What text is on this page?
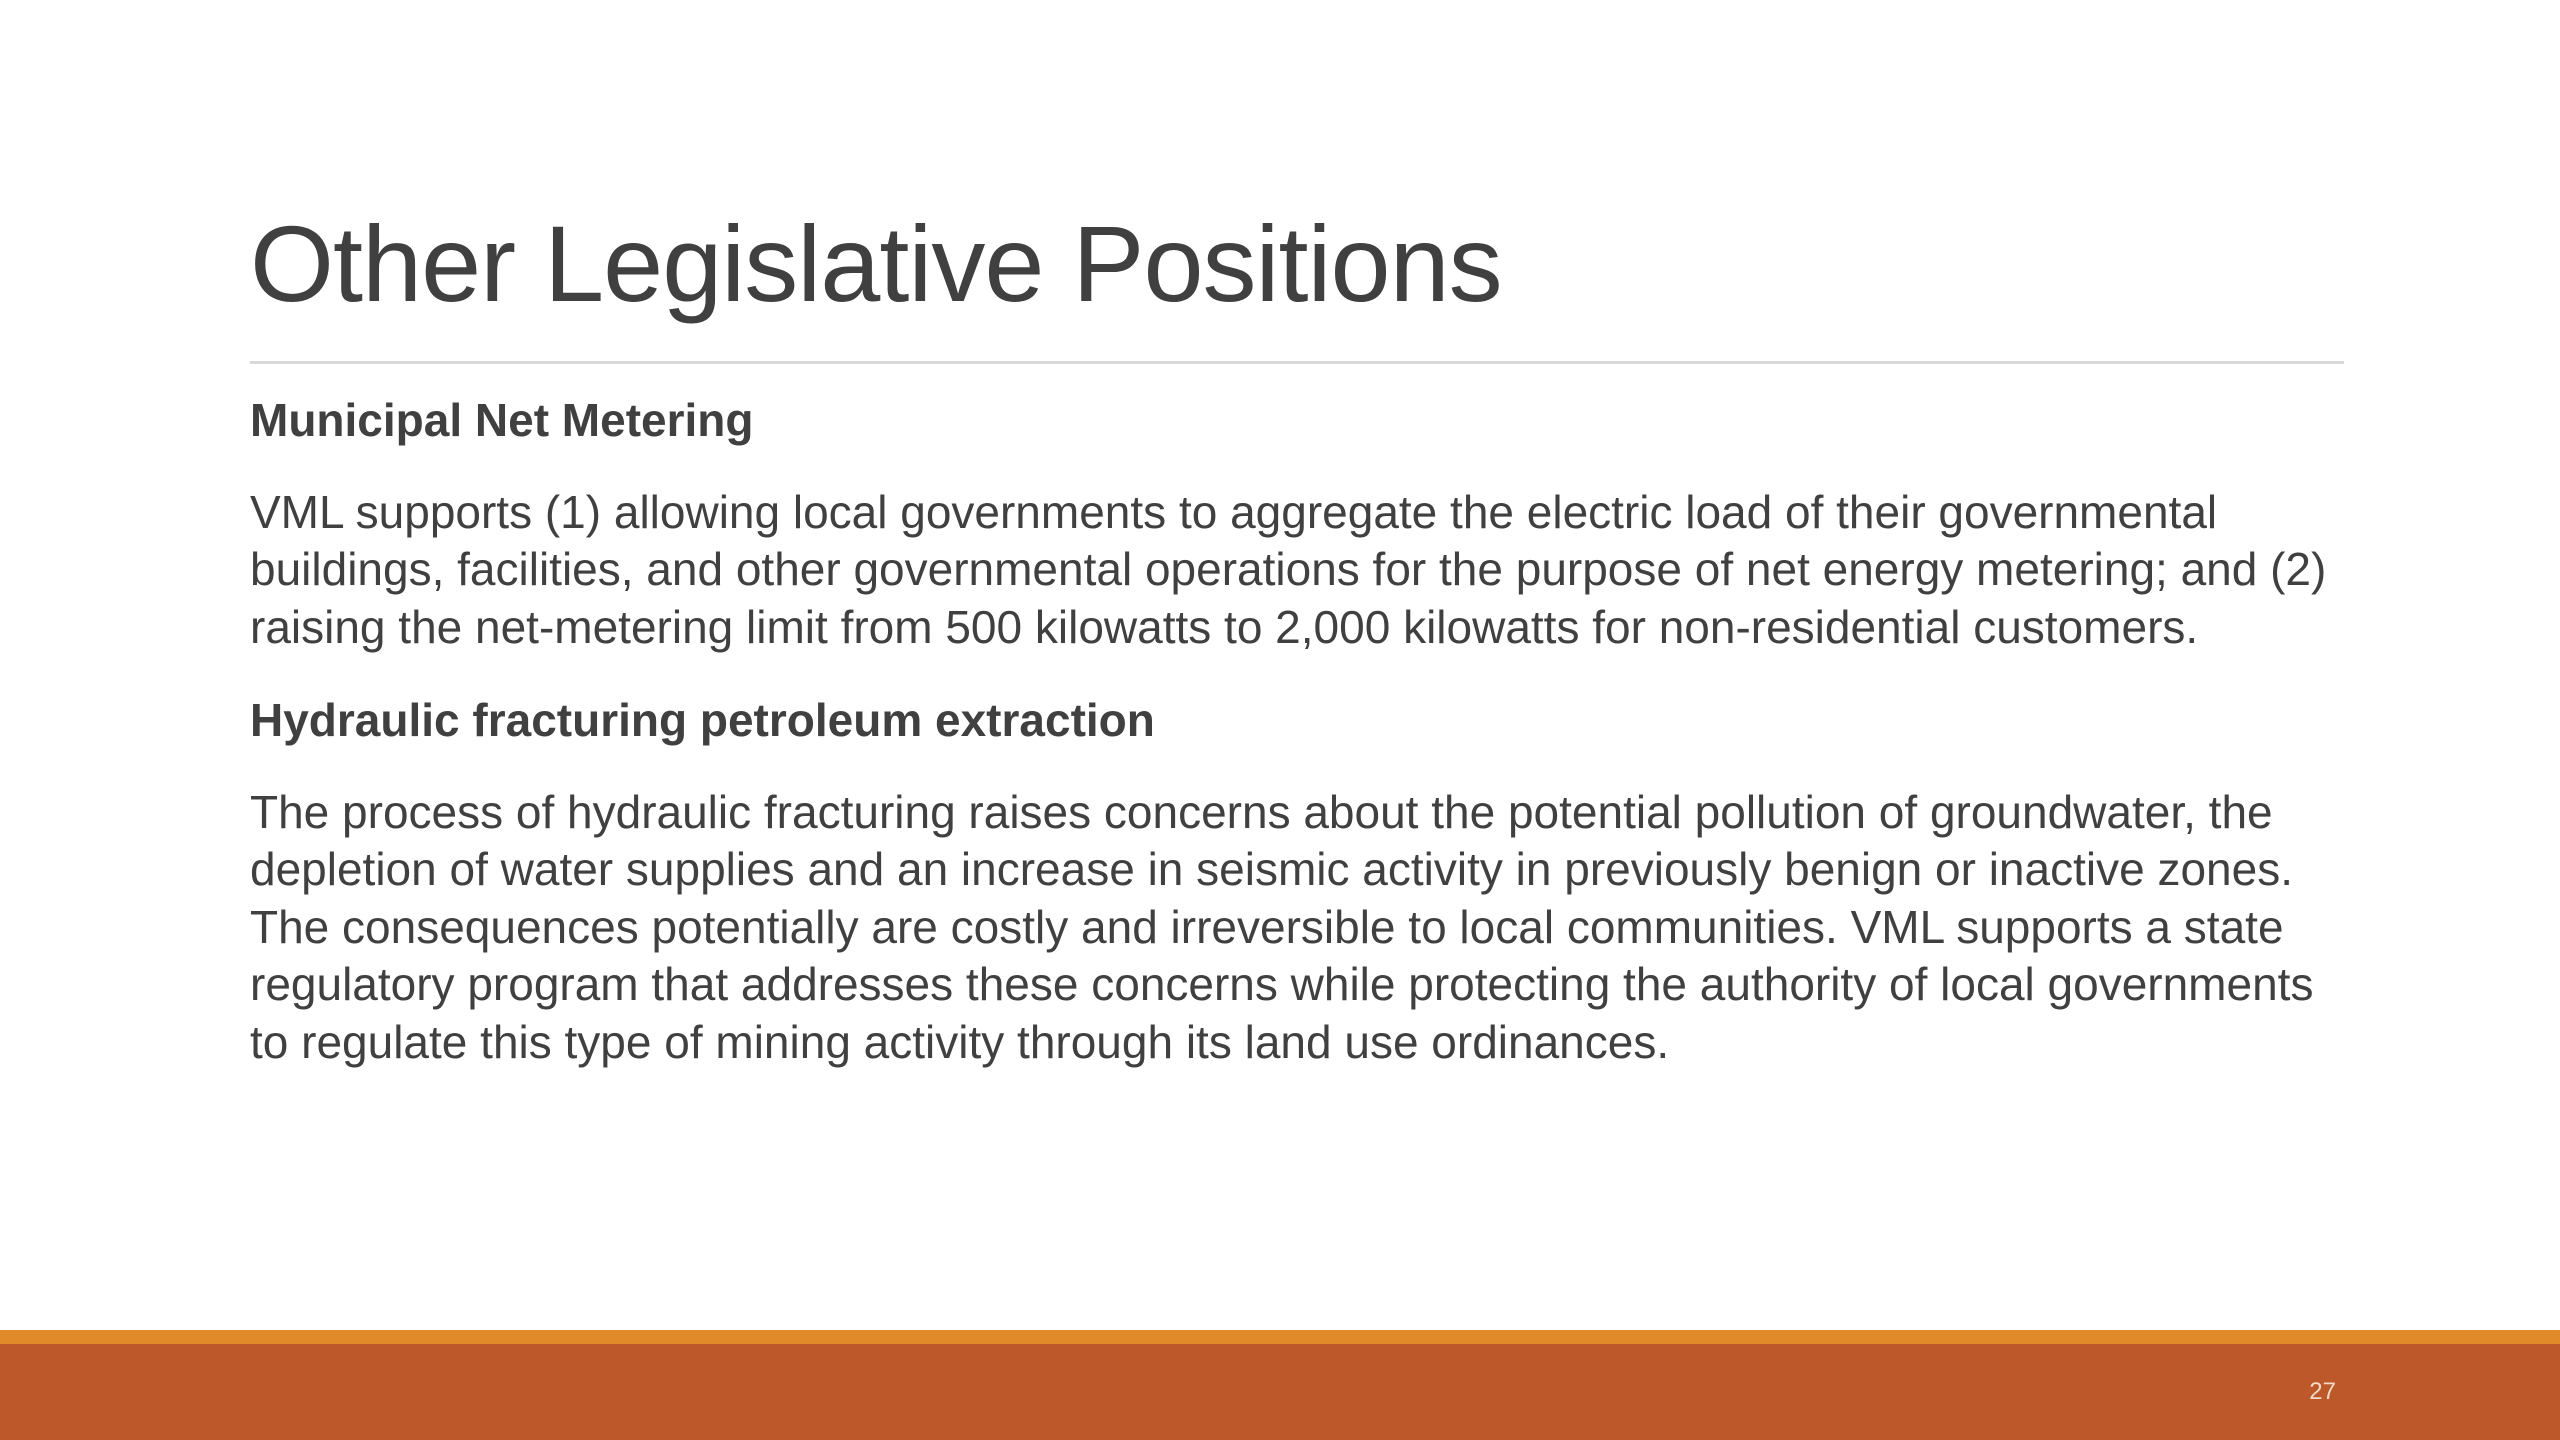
Other Legislative Positions
Municipal Net Metering

VML supports (1) allowing local governments to aggregate the electric load of their governmental buildings, facilities, and other governmental operations for the purpose of net energy metering; and (2) raising the net-metering limit from 500 kilowatts to 2,000 kilowatts for non-residential customers.

Hydraulic fracturing petroleum extraction

The process of hydraulic fracturing raises concerns about the potential pollution of groundwater, the depletion of water supplies and an increase in seismic activity in previously benign or inactive zones. The consequences potentially are costly and irreversible to local communities. VML supports a state regulatory program that addresses these concerns while protecting the authority of local governments to regulate this type of mining activity through its land use ordinances.

27
